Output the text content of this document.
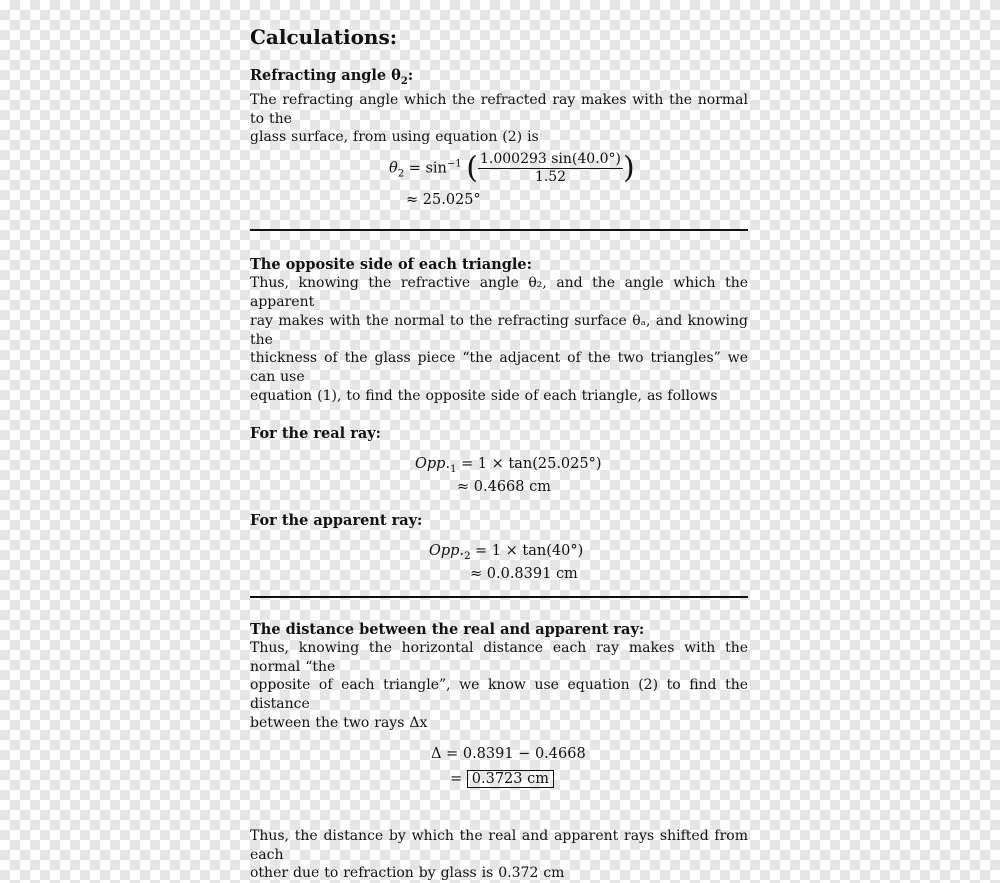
Calculations:
Refracting angle $\theta_2$:
The refracting angle which the refracted ray makes with the normal to the
glass surface, from using equation (2) is
$\theta_2 = \sin^{-1}$ ( $\frac{1.000293 \sin(40.0^\circ)}{1.52}$ )
≈ 25.025°
The opposite side of each triangle:
Thus, knowing the refractive angle θ₂, and the angle which the apparent
ray makes with the normal to the refracting surface θₐ, and knowing the
thickness of the glass piece “the adjacent of the two triangles” we can use
equation (1), to find the opposite side of each triangle, as follows
For the real ray:
$Opp._1 = 1 \times \tan(25.025^\circ)$
≈ 0.4668 cm
For the apparent ray:
$Opp._2 = 1 \times \tan(40^\circ)$
≈ 0.0.8391 cm
The distance between the real and apparent ray:
Thus, knowing the horizontal distance each ray makes with the normal “the
opposite of each triangle”, we know use equation (2) to find the distance
between the two rays Δx
Δ = 0.8391 − 0.4668
= 0.3723 cm
Thus, the distance by which the real and apparent rays shifted from each
other due to refraction by glass is 0.372 cm
